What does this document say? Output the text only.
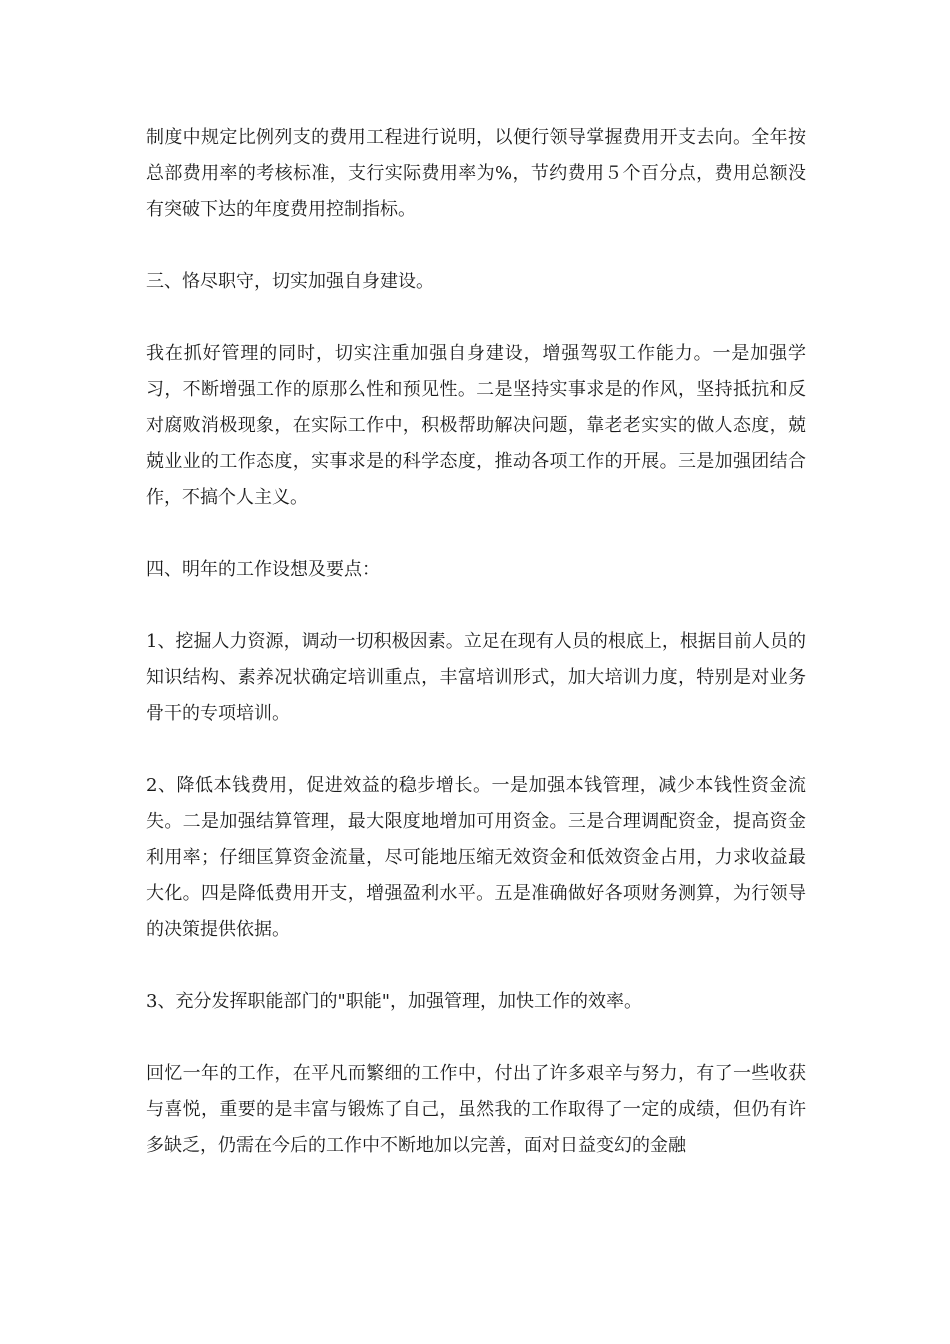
制度中规定比例列支的费用工程进行说明，以便行领导掌握费用开支去向。全年按总部费用率的考核标准，支行实际费用率为%，节约费用５个百分点，费用总额没有突破下达的年度费用控制指标。

三、恪尽职守，切实加强自身建设。

我在抓好管理的同时，切实注重加强自身建设，增强驾驭工作能力。一是加强学习，不断增强工作的原那么性和预见性。二是坚持实事求是的作风，坚持抵抗和反对腐败消极现象，在实际工作中，积极帮助解决问题，靠老老实实的做人态度，兢兢业业的工作态度，实事求是的科学态度，推动各项工作的开展。三是加强团结合作，不搞个人主义。

四、明年的工作设想及要点：

1、挖掘人力资源，调动一切积极因素。立足在现有人员的根底上，根据目前人员的知识结构、素养况状确定培训重点，丰富培训形式，加大培训力度，特别是对业务骨干的专项培训。

2、降低本钱费用，促进效益的稳步增长。一是加强本钱管理，减少本钱性资金流失。二是加强结算管理，最大限度地增加可用资金。三是合理调配资金，提高资金利用率；仔细匡算资金流量，尽可能地压缩无效资金和低效资金占用，力求收益最大化。四是降低费用开支，增强盈利水平。五是准确做好各项财务测算，为行领导的决策提供依据。

3、充分发挥职能部门的"职能"，加强管理，加快工作的效率。

回忆一年的工作，在平凡而繁细的工作中，付出了许多艰辛与努力，有了一些收获与喜悦，重要的是丰富与锻炼了自己，虽然我的工作取得了一定的成绩，但仍有许多缺乏，仍需在今后的工作中不断地加以完善，面对日益变幻的金融
